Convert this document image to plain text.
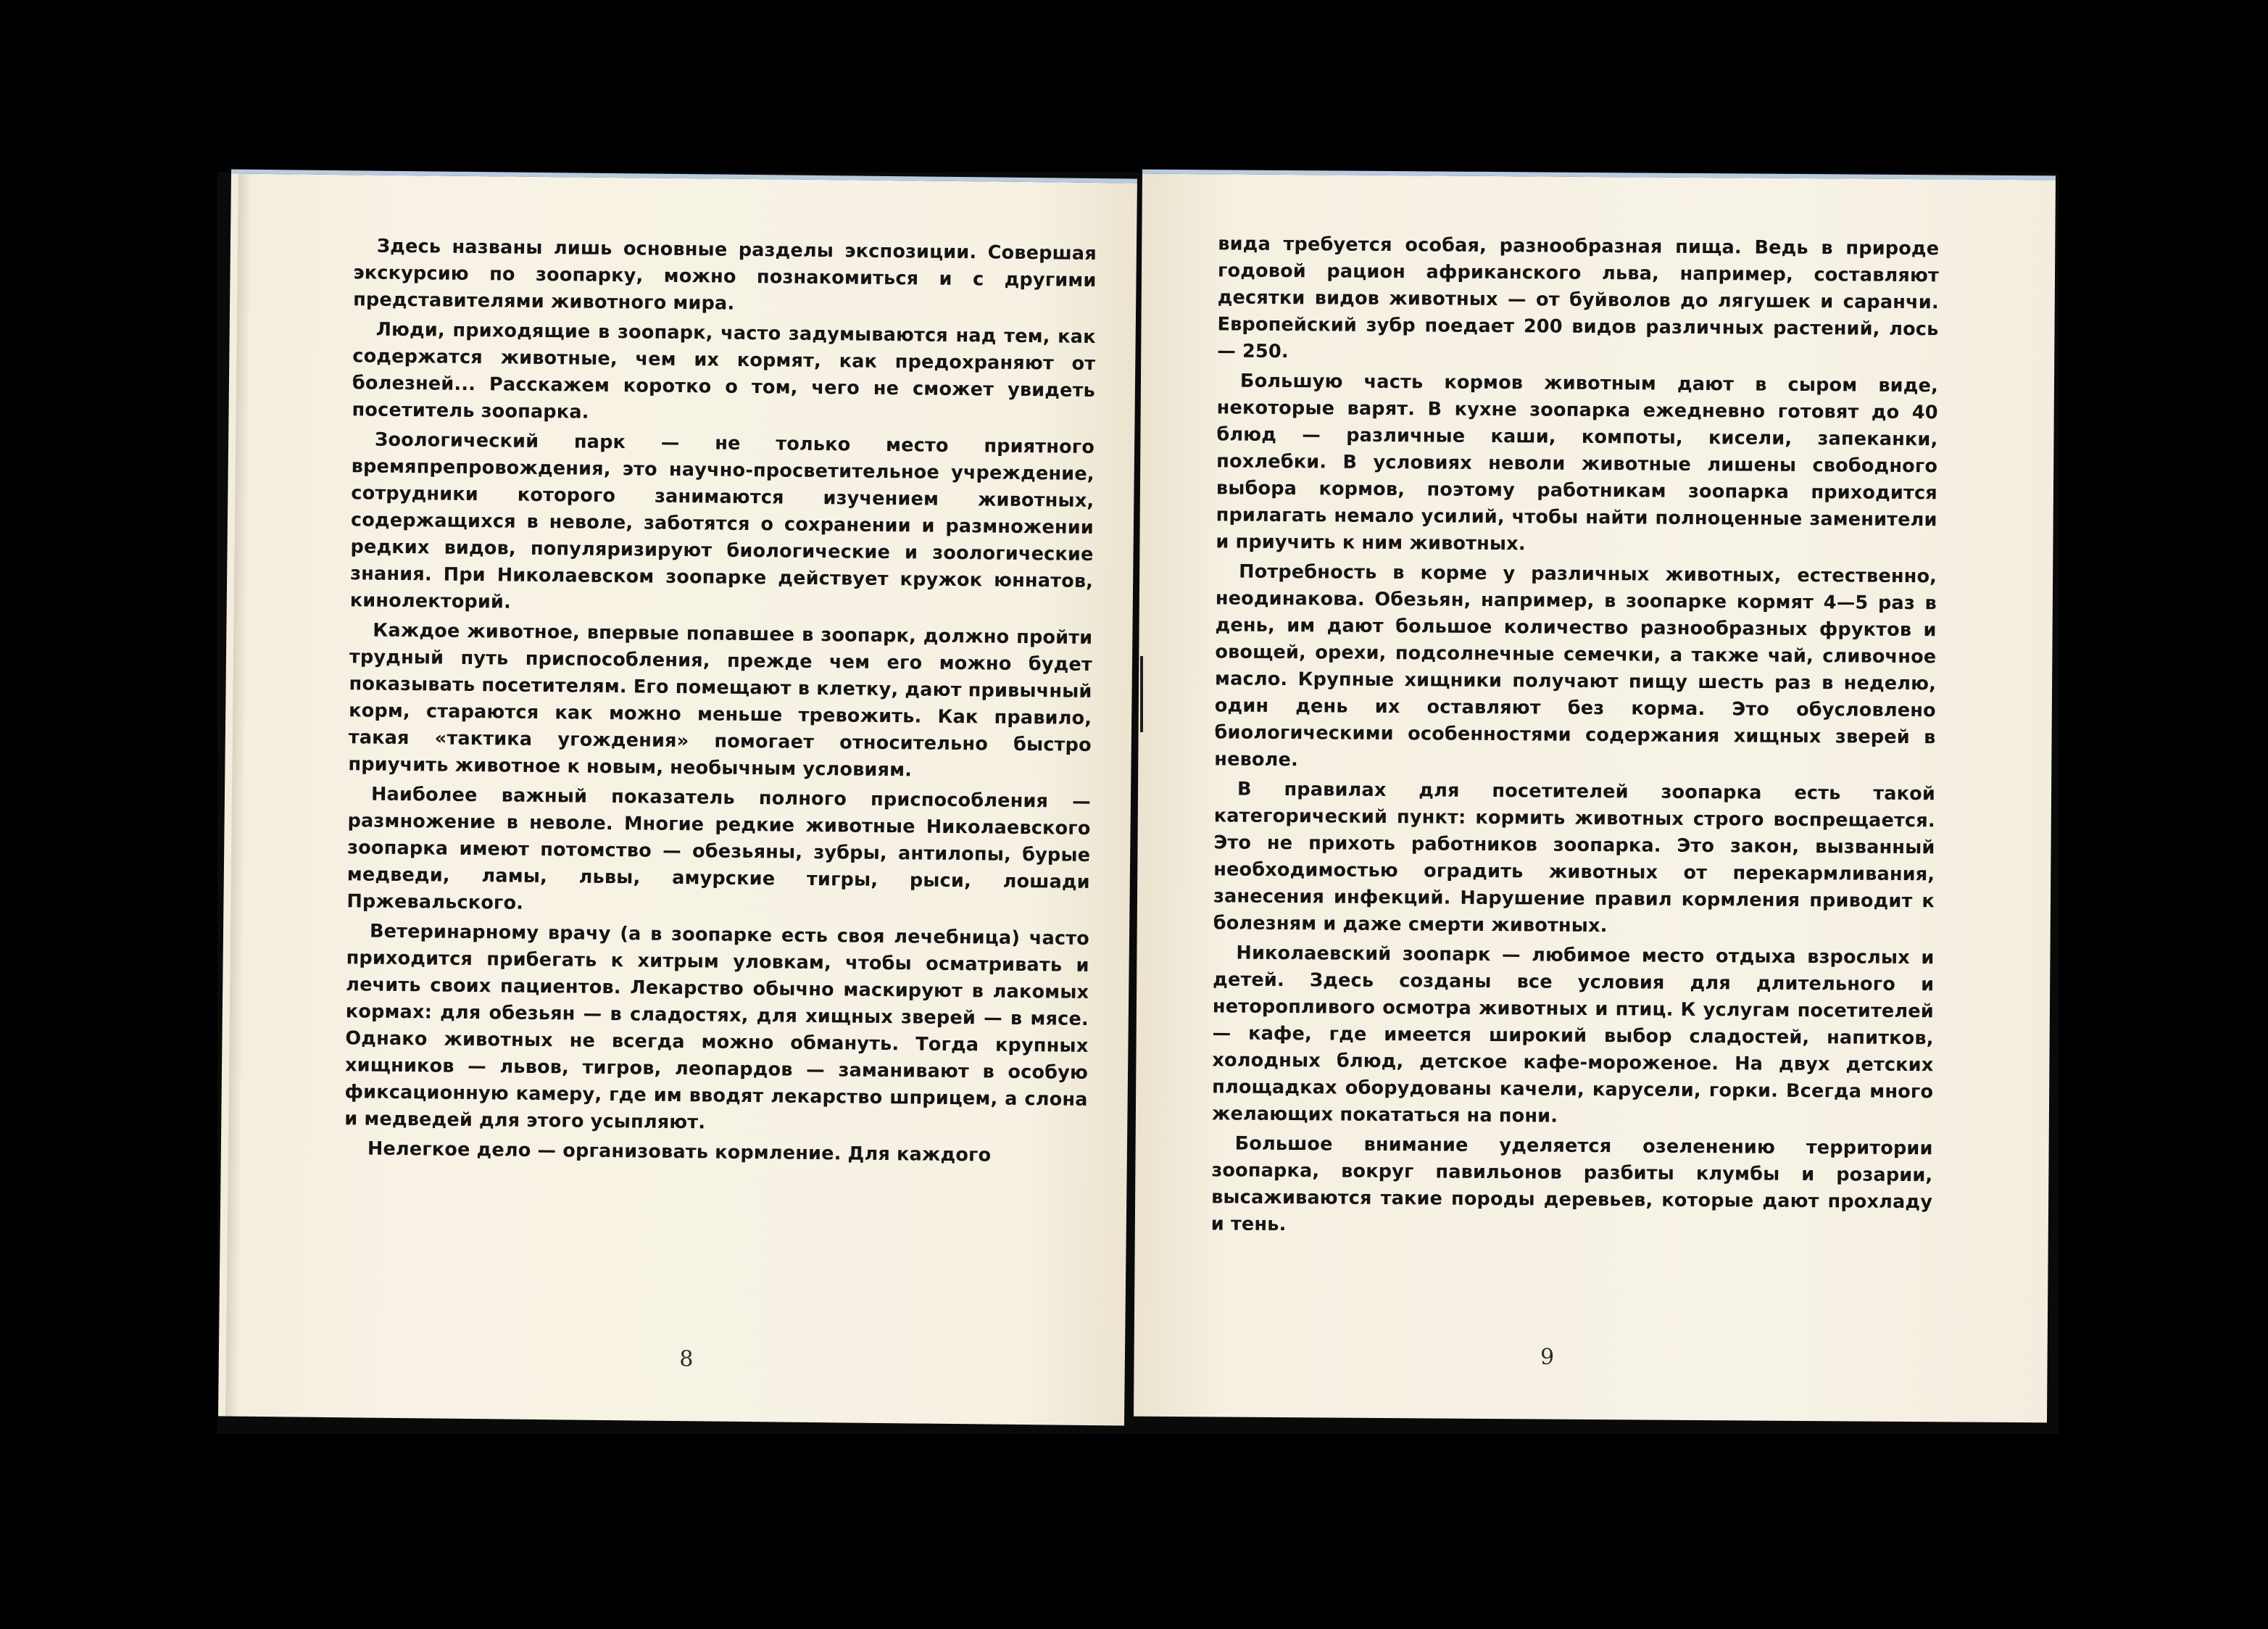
Здесь названы лишь основные разделы экспозиции. Совершая экскурсию по зоопарку, можно познакомиться и с другими представителями животного мира.

Люди, приходящие в зоопарк, часто задумываются над тем, как содержатся животные, чем их кормят, как предохраняют от болезней... Расскажем коротко о том, чего не сможет увидеть посетитель зоопарка.

Зоологический парк — не только место приятного времяпрепровождения, это научно-просветительное учреждение, сотрудники которого занимаются изучением животных, содержащихся в неволе, заботятся о сохранении и размножении редких видов, популяризируют биологические и зоологические знания. При Николаевском зоопарке действует кружок юннатов, кинолекторий.

Каждое животное, впервые попавшее в зоопарк, должно пройти трудный путь приспособления, прежде чем его можно будет показывать посетителям. Его помещают в клетку, дают привычный корм, стараются как можно меньше тревожить. Как правило, такая «тактика угождения» помогает относительно быстро приучить животное к новым, необычным условиям.

Наиболее важный показатель полного приспособления — размножение в неволе. Многие редкие животные Николаевского зоопарка имеют потомство — обезьяны, зубры, антилопы, бурые медведи, ламы, львы, амурские тигры, рыси, лошади Пржевальского.

Ветеринарному врачу (а в зоопарке есть своя лечебница) часто приходится прибегать к хитрым уловкам, чтобы осматривать и лечить своих пациентов. Лекарство обычно маскируют в лакомых кормах: для обезьян — в сладостях, для хищных зверей — в мясе. Однако животных не всегда можно обмануть. Тогда крупных хищников — львов, тигров, леопардов — заманивают в особую фиксационную камеру, где им вводят лекарство шприцем, а слона и медведей для этого усыпляют.

Нелегкое дело — организовать кормление. Для каждого

8

вида требуется особая, разнообразная пища. Ведь в природе годовой рацион африканского льва, например, составляют десятки видов животных — от буйволов до лягушек и саранчи. Европейский зубр поедает 200 видов различных растений, лось — 250.

Большую часть кормов животным дают в сыром виде, некоторые варят. В кухне зоопарка ежедневно готовят до 40 блюд — различные каши, компоты, кисели, запеканки, похлебки. В условиях неволи животные лишены свободного выбора кормов, поэтому работникам зоопарка приходится прилагать немало усилий, чтобы найти полноценные заменители и приучить к ним животных.

Потребность в корме у различных животных, естественно, неодинакова. Обезьян, например, в зоопарке кормят 4—5 раз в день, им дают большое количество разнообразных фруктов и овощей, орехи, подсолнечные семечки, а также чай, сливочное масло. Крупные хищники получают пищу шесть раз в неделю, один день их оставляют без корма. Это обусловлено биологическими особенностями содержания хищных зверей в неволе.

В правилах для посетителей зоопарка есть такой категорический пункт: кормить животных строго воспрещается. Это не прихоть работников зоопарка. Это закон, вызванный необходимостью оградить животных от перекармливания, занесения инфекций. Нарушение правил кормления приводит к болезням и даже смерти животных.

Николаевский зоопарк — любимое место отдыха взрослых и детей. Здесь созданы все условия для длительного и неторопливого осмотра животных и птиц. К услугам посетителей — кафе, где имеется широкий выбор сладостей, напитков, холодных блюд, детское кафе-мороженое. На двух детских площадках оборудованы качели, карусели, горки. Всегда много желающих покататься на пони.

Большое внимание уделяется озеленению территории зоопарка, вокруг павильонов разбиты клумбы и розарии, высаживаются такие породы деревьев, которые дают прохладу и тень.

9
